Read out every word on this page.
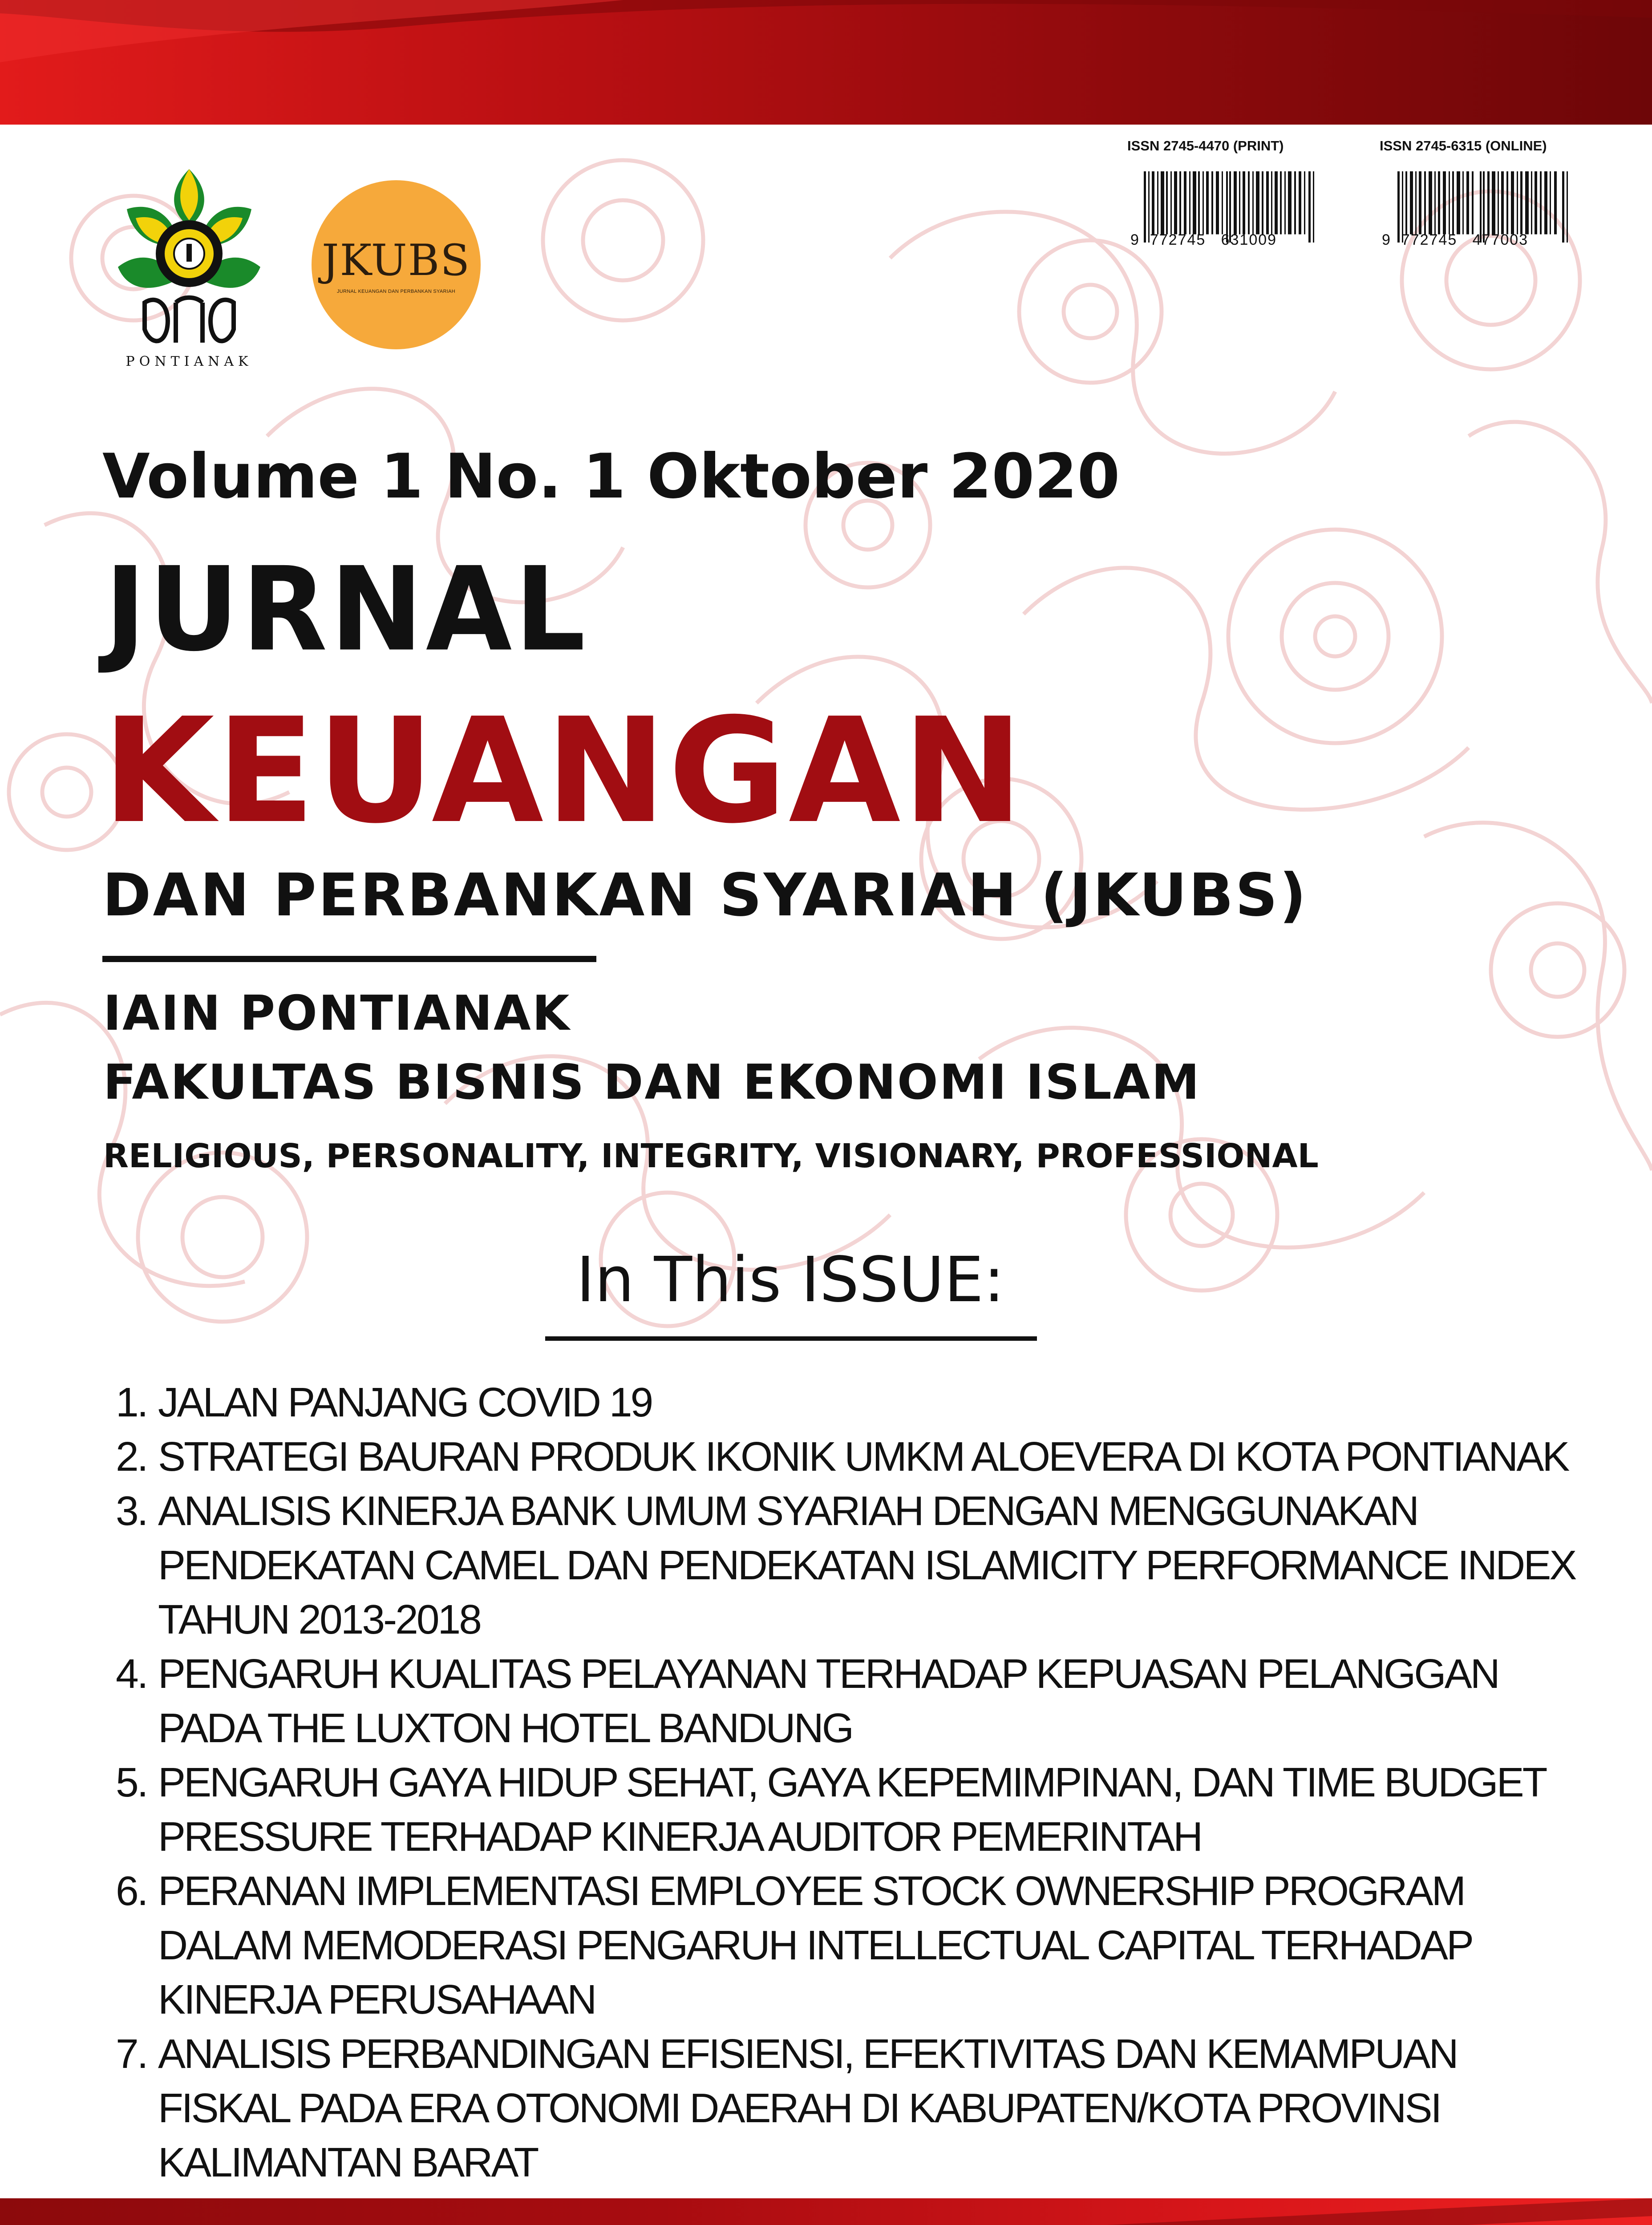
PONTIANAK
JKUBS
JURNAL KEUANGAN DAN PERBANKAN SYARIAH
ISSN 2745-4470 (PRINT)	ISSN 2745-6315 (ONLINE)
9  772745   631009	9  772745   477003
Volume 1 No. 1 Oktober 2020
JURNAL
KEUANGAN
DAN PERBANKAN SYARIAH (JKUBS)
IAIN PONTIANAK
FAKULTAS BISNIS DAN EKONOMI ISLAM
RELIGIOUS, PERSONALITY, INTEGRITY, VISIONARY, PROFESSIONAL
In This ISSUE:
1. JALAN PANJANG COVID 19
2. STRATEGI BAURAN PRODUK IKONIK UMKM ALOEVERA DI KOTA PONTIANAK
3. ANALISIS KINERJA BANK UMUM SYARIAH DENGAN MENGGUNAKAN PENDEKATAN CAMEL DAN PENDEKATAN ISLAMICITY PERFORMANCE INDEX TAHUN 2013-2018
4. PENGARUH KUALITAS PELAYANAN TERHADAP KEPUASAN PELANGGAN PADA THE LUXTON HOTEL BANDUNG
5. PENGARUH GAYA HIDUP SEHAT, GAYA KEPEMIMPINAN, DAN TIME BUDGET PRESSURE TERHADAP KINERJA AUDITOR PEMERINTAH
6. PERANAN IMPLEMENTASI EMPLOYEE STOCK OWNERSHIP PROGRAM DALAM MEMODERASI PENGARUH INTELLECTUAL CAPITAL TERHADAP KINERJA PERUSAHAAN
7. ANALISIS PERBANDINGAN EFISIENSI, EFEKTIVITAS DAN KEMAMPUAN FISKAL PADA ERA OTONOMI DAERAH DI KABUPATEN/KOTA PROVINSI KALIMANTAN BARAT
